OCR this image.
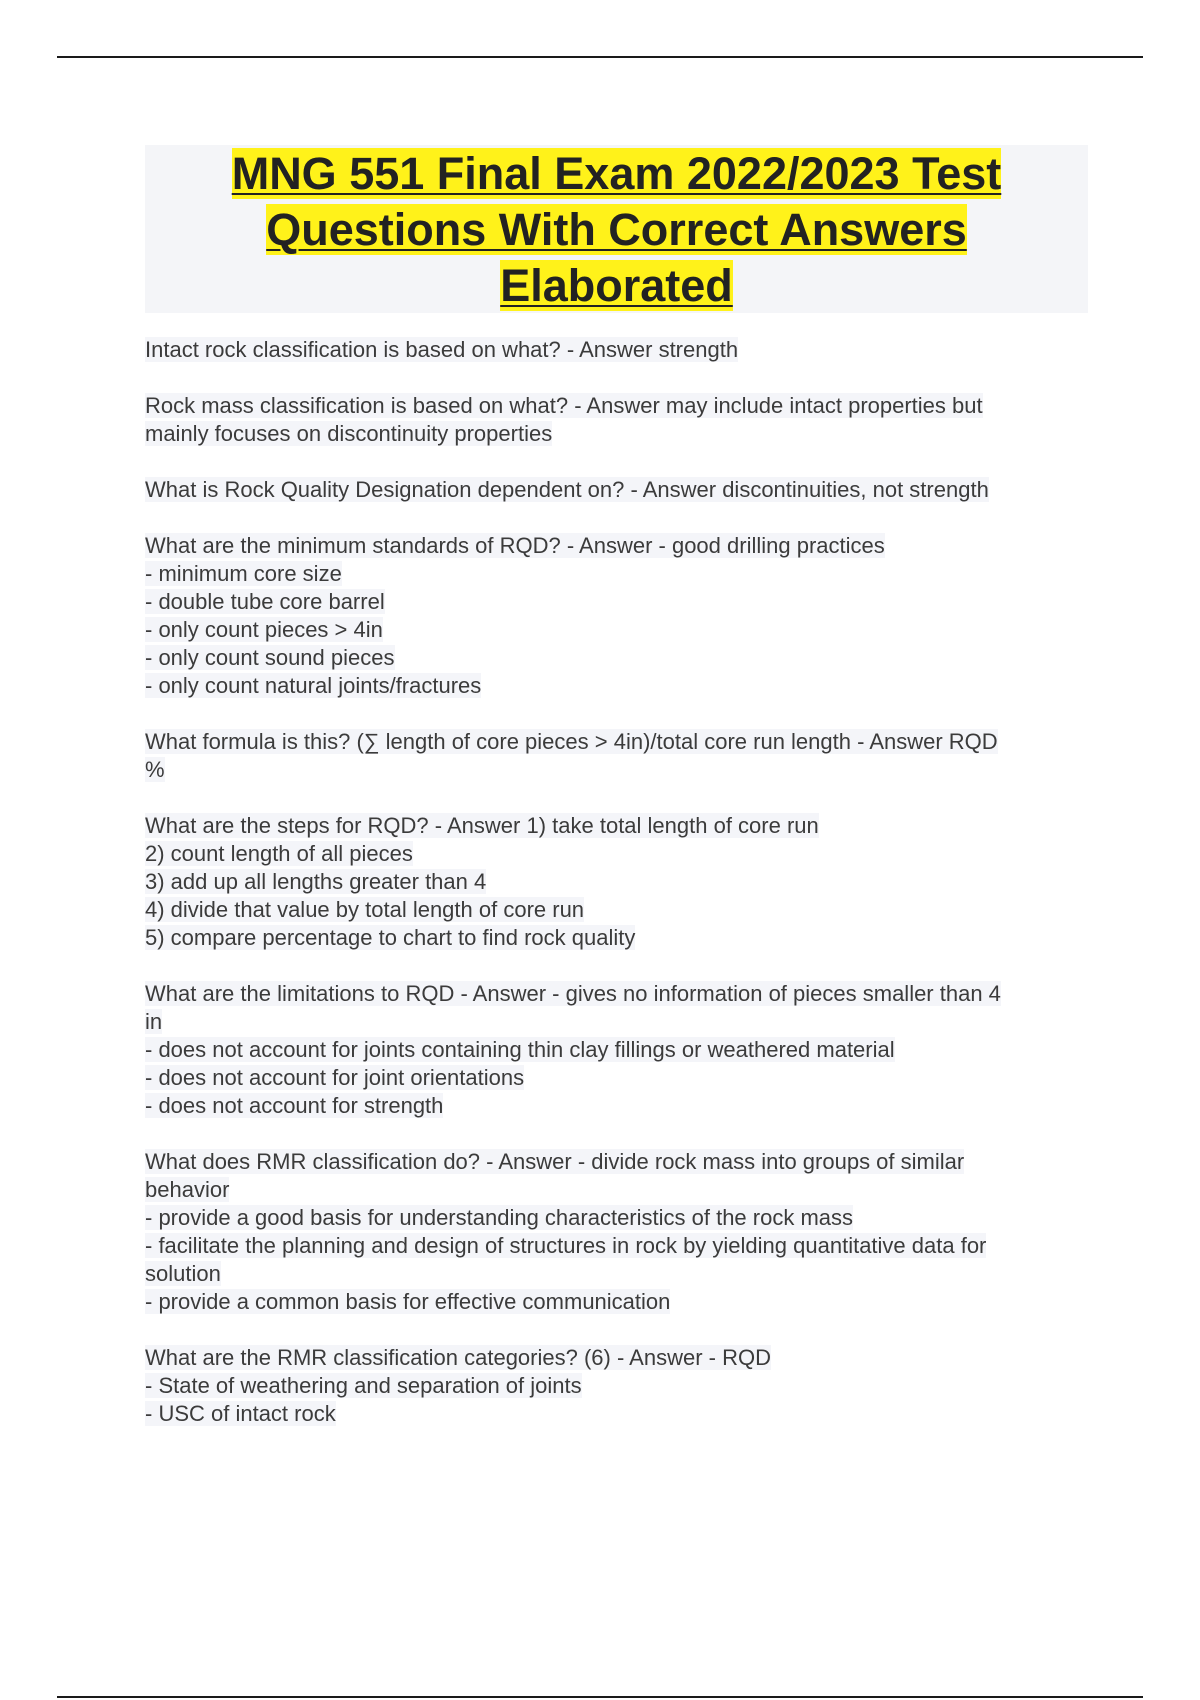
MNG 551 Final Exam 2022/2023 Test
Questions With Correct Answers
Elaborated
Intact rock classification is based on what? - Answer strength
Rock mass classification is based on what? - Answer may include intact properties but
mainly focuses on discontinuity properties
What is Rock Quality Designation dependent on? - Answer discontinuities, not strength
What are the minimum standards of RQD? - Answer - good drilling practices
- minimum core size
- double tube core barrel
- only count pieces > 4in
- only count sound pieces
- only count natural joints/fractures
What formula is this? (∑ length of core pieces > 4in)/total core run length - Answer RQD
%
What are the steps for RQD? - Answer 1) take total length of core run
2) count length of all pieces
3) add up all lengths greater than 4
4) divide that value by total length of core run
5) compare percentage to chart to find rock quality
What are the limitations to RQD - Answer - gives no information of pieces smaller than 4
in
- does not account for joints containing thin clay fillings or weathered material
- does not account for joint orientations
- does not account for strength
What does RMR classification do? - Answer - divide rock mass into groups of similar
behavior
- provide a good basis for understanding characteristics of the rock mass
- facilitate the planning and design of structures in rock by yielding quantitative data for
solution
- provide a common basis for effective communication
What are the RMR classification categories? (6) - Answer - RQD
- State of weathering and separation of joints
- USC of intact rock
